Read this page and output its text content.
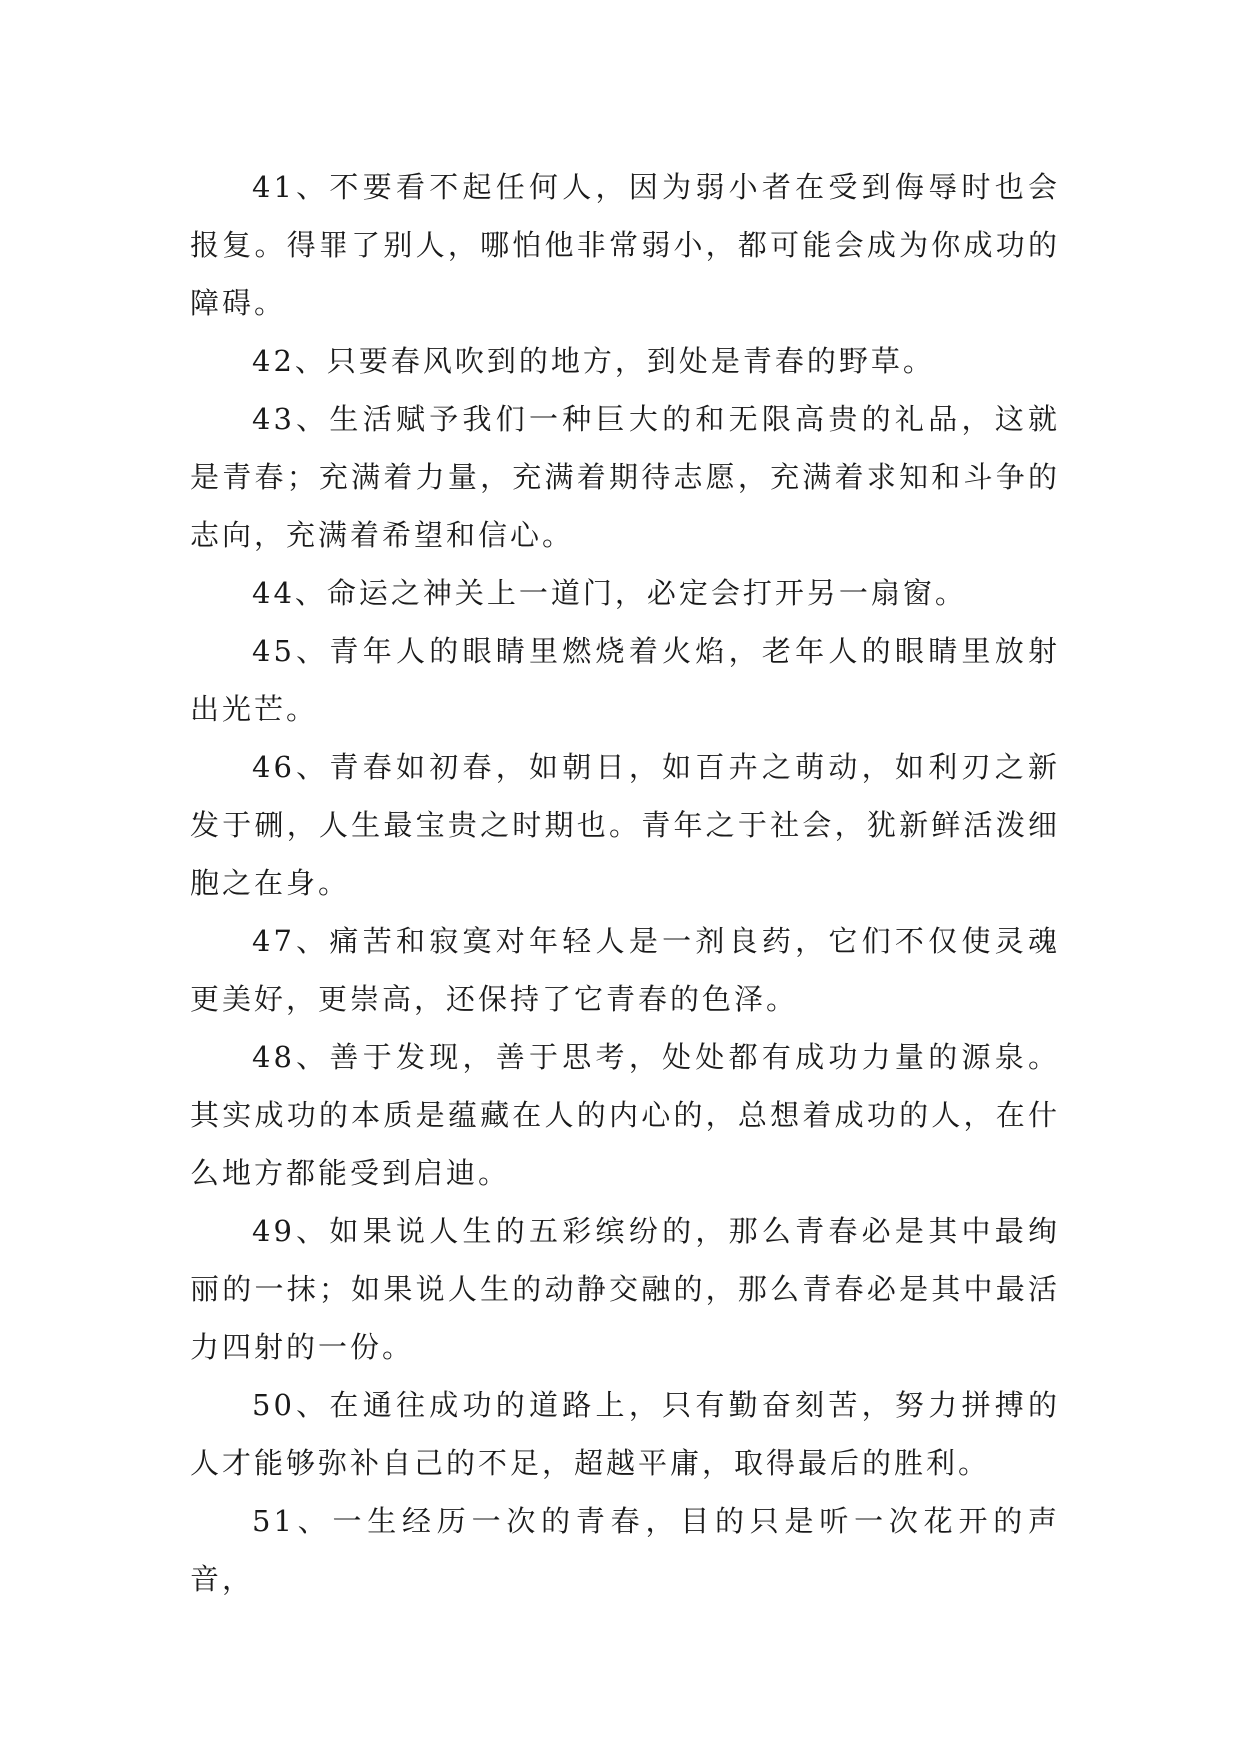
41、不要看不起任何人，因为弱小者在受到侮辱时也会报复。得罪了别人，哪怕他非常弱小，都可能会成为你成功的障碍。

42、只要春风吹到的地方，到处是青春的野草。

43、生活赋予我们一种巨大的和无限高贵的礼品，这就是青春；充满着力量，充满着期待志愿，充满着求知和斗争的志向，充满着希望和信心。

44、命运之神关上一道门，必定会打开另一扇窗。

45、青年人的眼睛里燃烧着火焰，老年人的眼睛里放射出光芒。

46、青春如初春，如朝日，如百卉之萌动，如利刃之新发于硎，人生最宝贵之时期也。青年之于社会，犹新鲜活泼细胞之在身。

47、痛苦和寂寞对年轻人是一剂良药，它们不仅使灵魂更美好，更崇高，还保持了它青春的色泽。

48、善于发现，善于思考，处处都有成功力量的源泉。其实成功的本质是蕴藏在人的内心的，总想着成功的人，在什么地方都能受到启迪。

49、如果说人生的五彩缤纷的，那么青春必是其中最绚丽的一抹；如果说人生的动静交融的，那么青春必是其中最活力四射的一份。

50、在通往成功的道路上，只有勤奋刻苦，努力拼搏的人才能够弥补自己的不足，超越平庸，取得最后的胜利。

51、一生经历一次的青春，目的只是听一次花开的声音，
